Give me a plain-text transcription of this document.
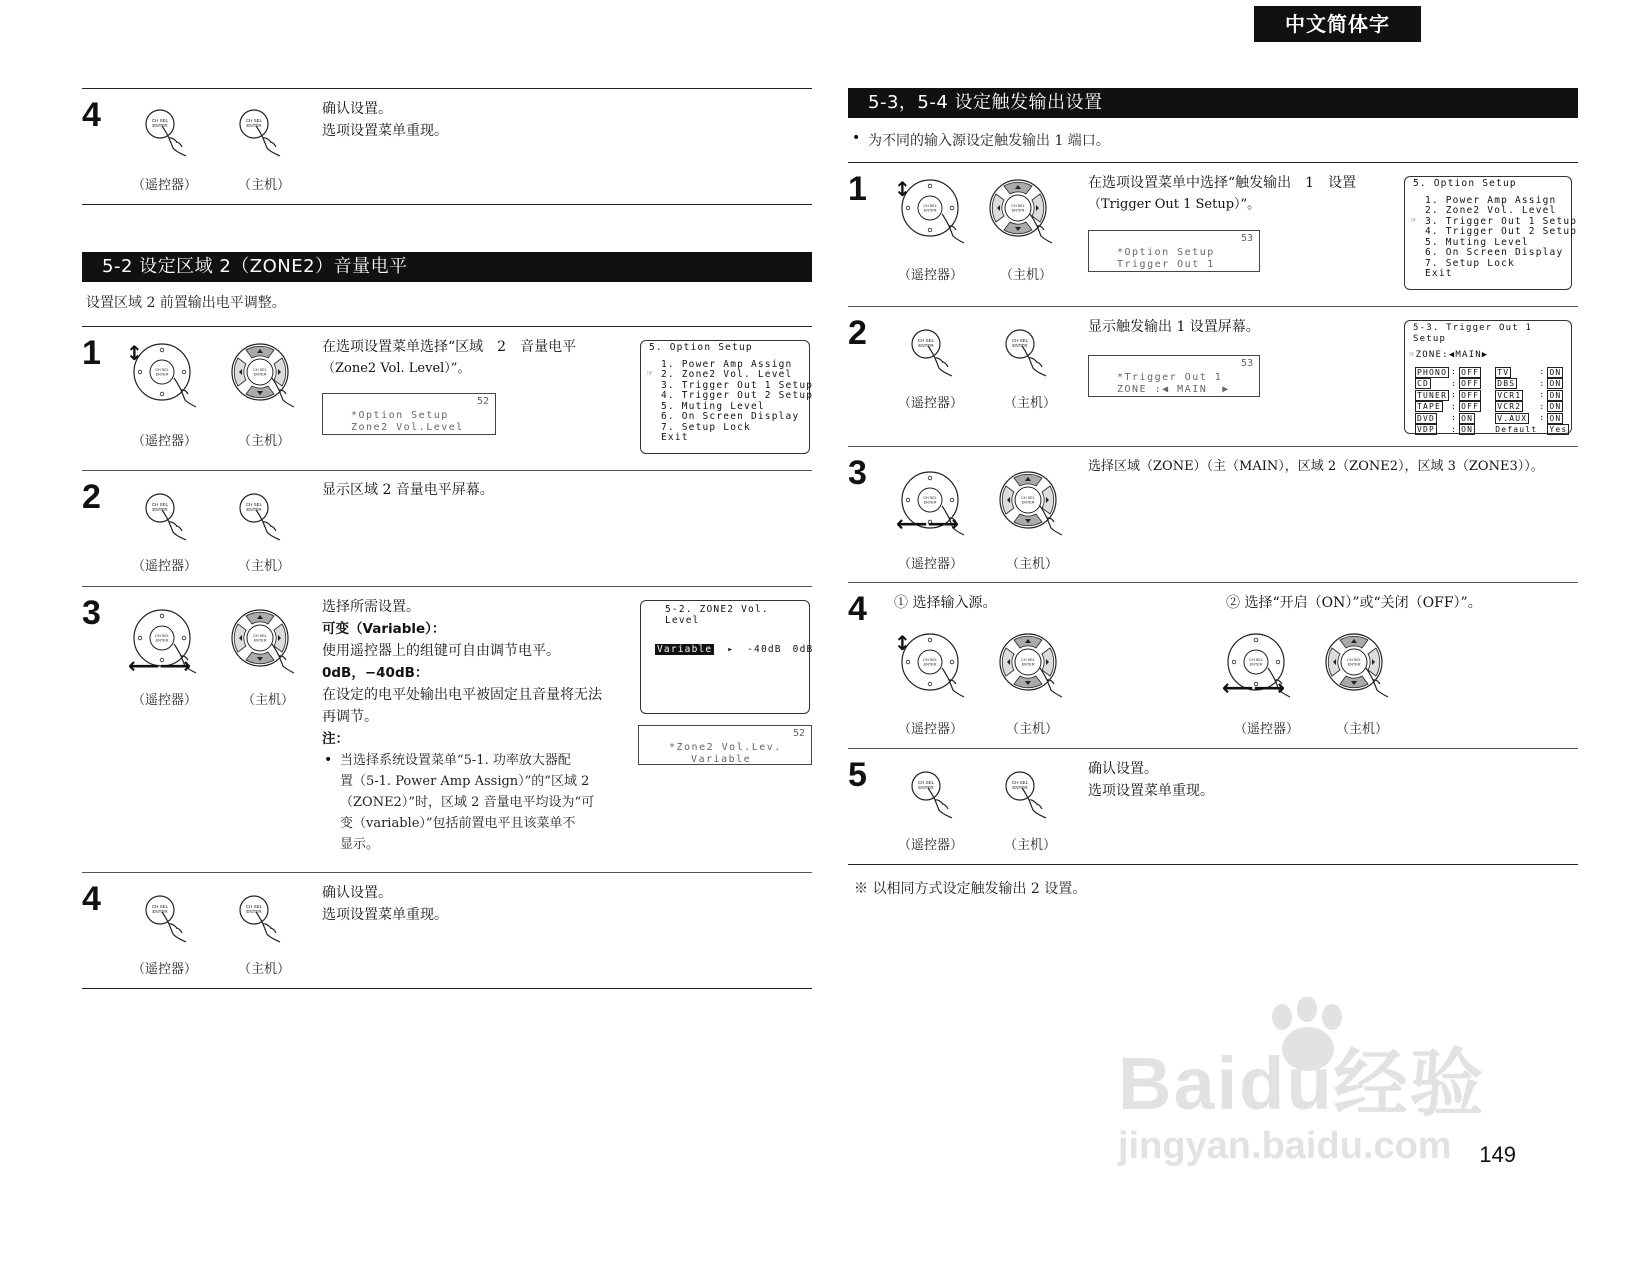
中文简体字
4
（遥控器）	（主机）
确认设置。
选项设置菜单重现。
5-2 设定区域 2（ZONE2）音量电平
设置区域 2 前置输出电平调整。
1 ↕
（遥控器）	（主机）
在选项设置菜单选择“区域　2　音量电平
（Zone2 Vol. Level）”。
52
*Option Setup
Zone2 Vol.Level
5. Option Setup
1. Power Amp Assign
☞ 2. Zone2 Vol. Level
3. Trigger Out 1 Setup
4. Trigger Out 2 Setup
5. Muting Level
6. On Screen Display
7. Setup Lock
Exit
2
（遥控器）	（主机）
显示区域 2 音量电平屏幕。
3
⟵⟶
（遥控器）	（主机）
选择所需设置。
可变（Variable）：
使用遥控器上的组键可自由调节电平。
0dB，−40dB：
在设定的电平处输出电平被固定且音量将无法
再调节。
注：
• 当选择系统设置菜单“5-1. 功率放大器配
置（5-1. Power Amp Assign）”的“区域 2
（ZONE2）”时，区域 2 音量电平均设为“可
变（variable）”包括前置电平且该菜单不
显示。
5-2. ZONE2 Vol. Level
Variable ▸ -40dB 0dB
52
*Zone2 Vol.Lev.
Variable
4
（遥控器）	（主机）
确认设置。
选项设置菜单重现。
5-3，5-4 设定触发输出设置
• 为不同的输入源设定触发输出 1 端口。
1 ↕
（遥控器）	（主机）
在选项设置菜单中选择“触发输出　1　设置
（Trigger Out 1 Setup）”。
53
*Option Setup
Trigger Out 1
5. Option Setup
1. Power Amp Assign
2. Zone2 Vol. Level
☞ 3. Trigger Out 1 Setup
4. Trigger Out 2 Setup
5. Muting Level
6. On Screen Display
7. Setup Lock
Exit
2
（遥控器）	（主机）
显示触发输出 1 设置屏幕。
53
*Trigger Out 1
ZONE :◀ MAIN  ▶
5-3. Trigger Out 1 Setup
☞ZONE:◀MAIN▶
PHONO	:	OFF	TV	:	ON
CD	:	OFF	DBS	:	ON
TUNER	:	OFF	VCR1	:	ON
TAPE	:	OFF	VCR2	:	ON
DVD	:	ON	V.AUX	:	ON
VDP	:	ON	Default		Yes
3
⟵⟶
（遥控器）	（主机）
选择区域（ZONE）（主（MAIN），区域 2（ZONE2），区域 3（ZONE3））。
4 ① 选择输入源。	② 选择“开启（ON）”或“关闭（OFF）”。
↕
（遥控器）	（主机）
⟵⟶
（遥控器）	（主机）
5
（遥控器）	（主机）
确认设置。
选项设置菜单重现。
※ 以相同方式设定触发输出 2 设置。
Baidu经验
jingyan.baidu.com 149
